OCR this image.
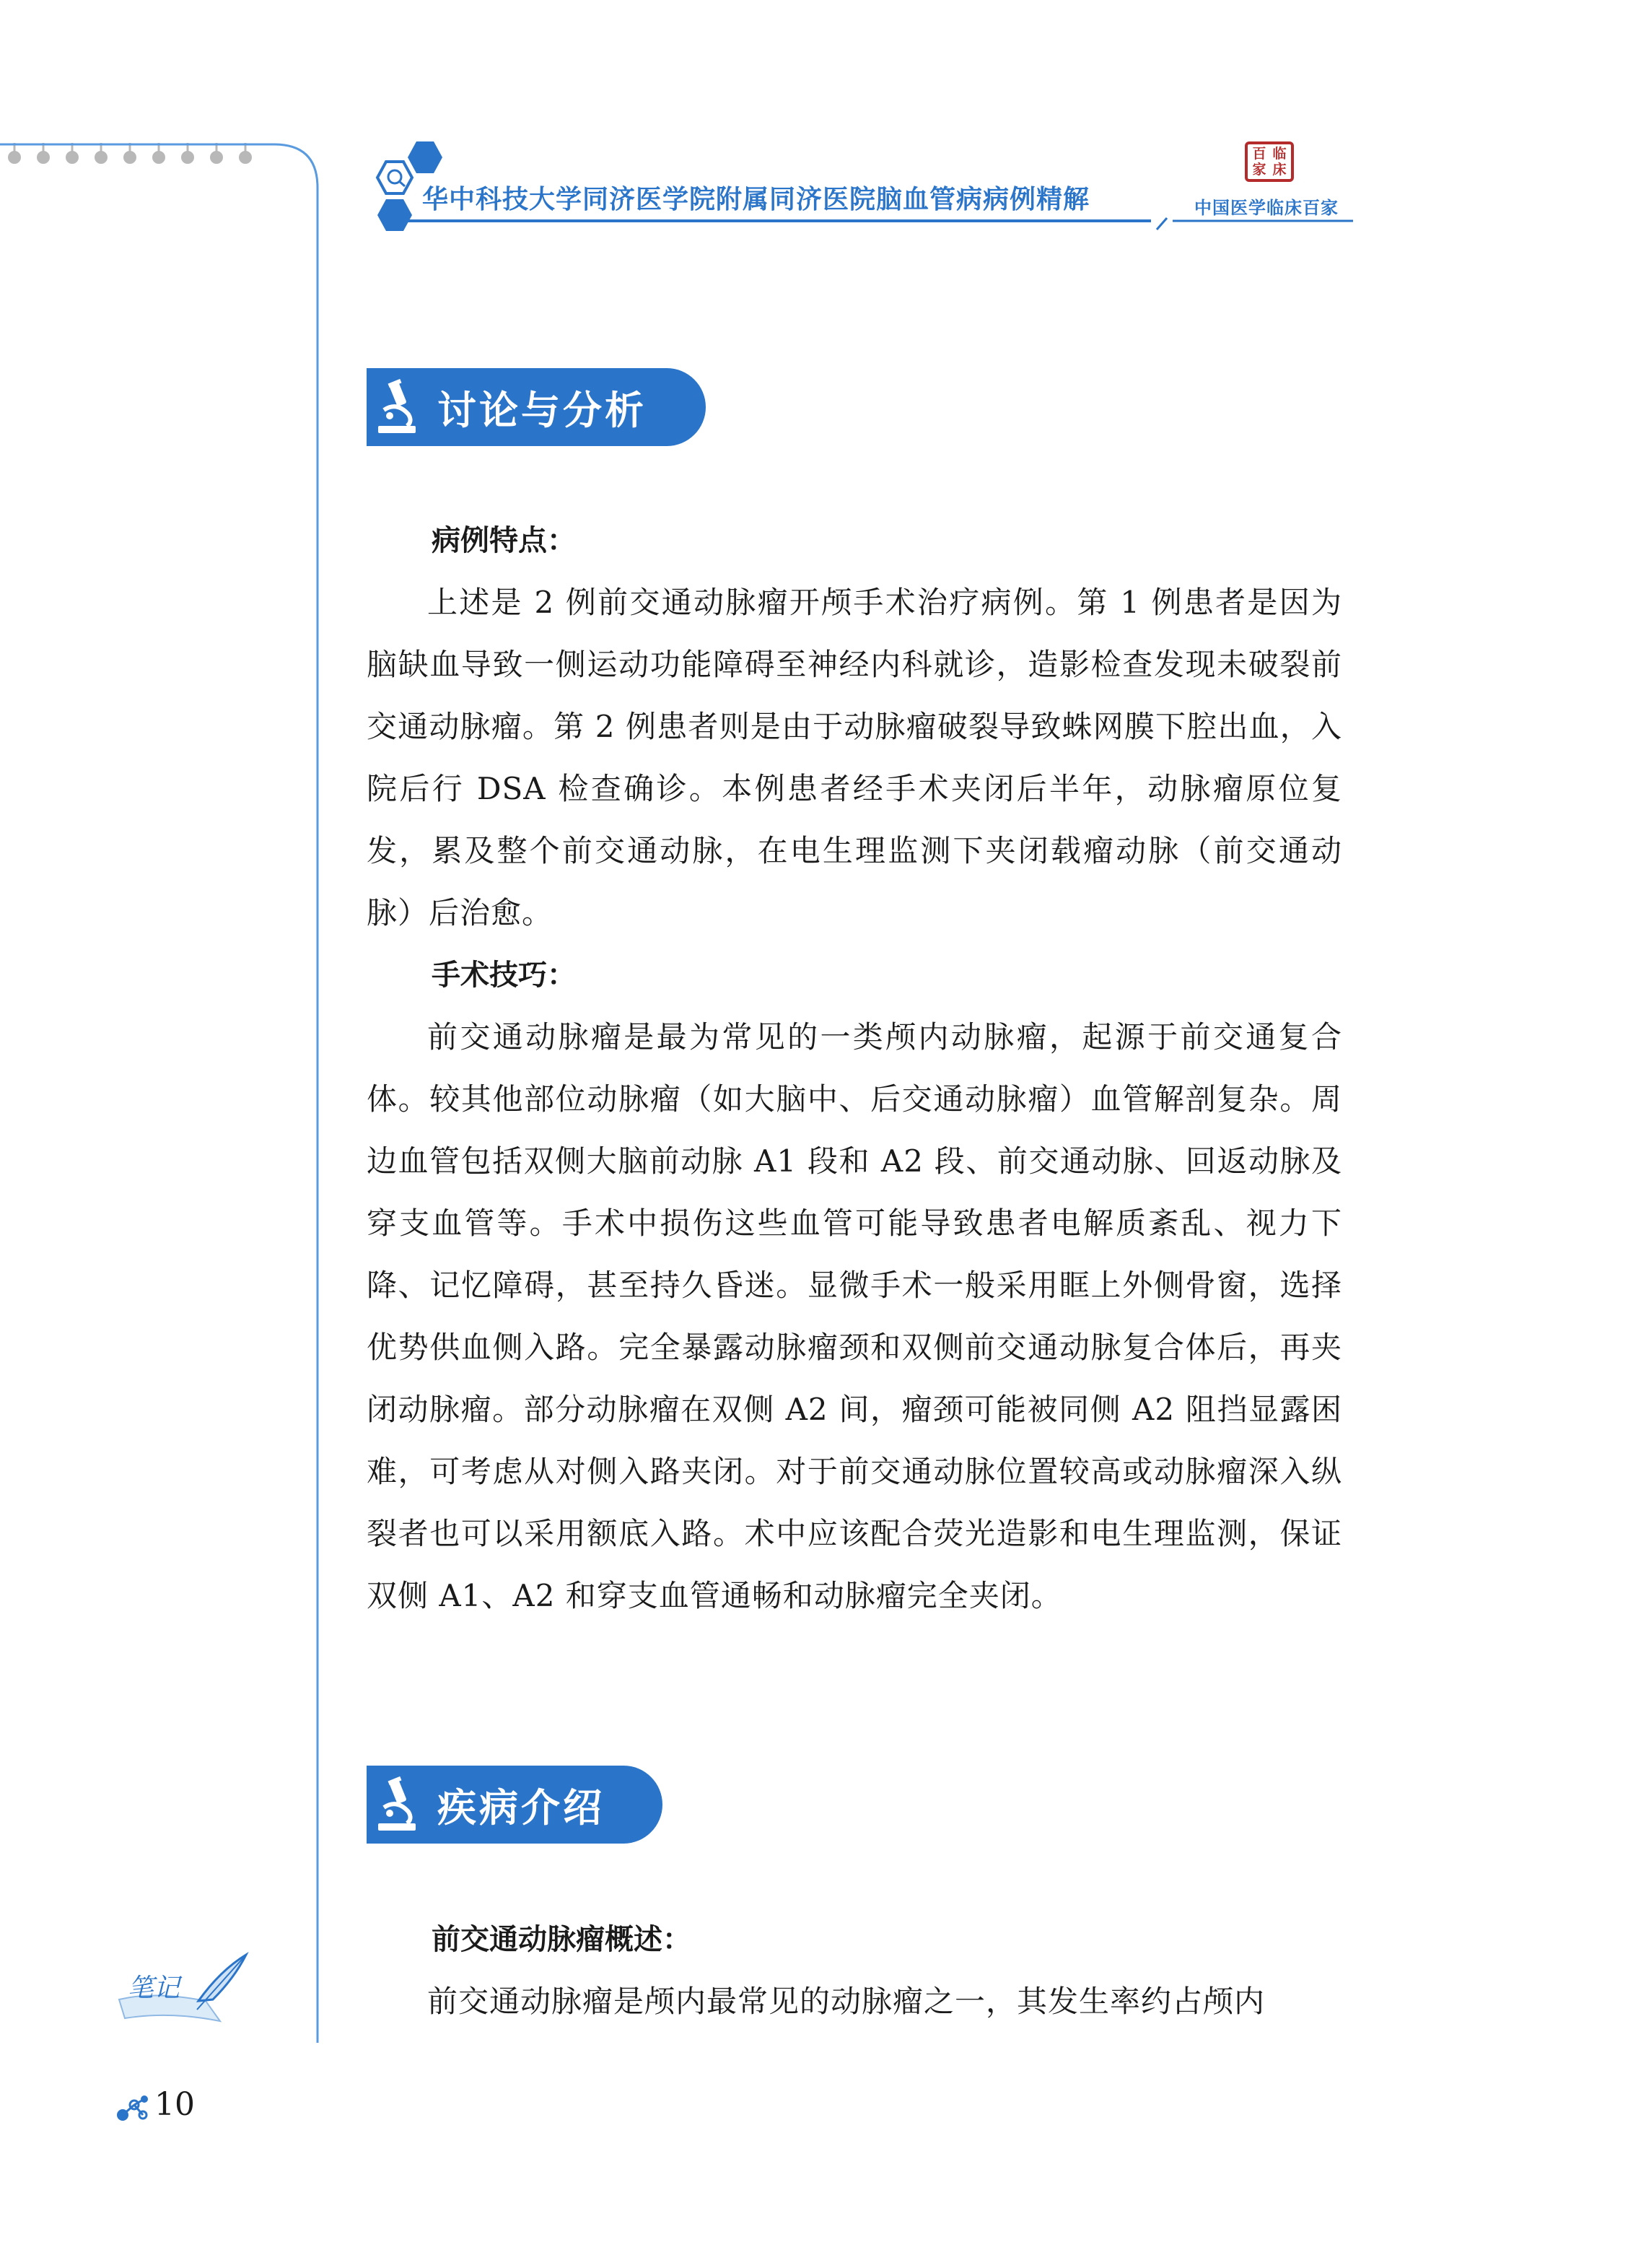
华中科技大学同济医学院附属同济医院脑血管病病例精解
百 临
家 床
中国医学临床百家
讨论与分析
病例特点：

上述是 2 例前交通动脉瘤开颅手术治疗病例。第 1 例患者是因为脑缺血导致一侧运动功能障碍至神经内科就诊，造影检查发现未破裂前交通动脉瘤。第 2 例患者则是由于动脉瘤破裂导致蛛网膜下腔出血，入院后行 DSA 检查确诊。本例患者经手术夹闭后半年，动脉瘤原位复发，累及整个前交通动脉，在电生理监测下夹闭载瘤动脉（前交通动脉）后治愈。

手术技巧：

前交通动脉瘤是最为常见的一类颅内动脉瘤，起源于前交通复合体。较其他部位动脉瘤（如大脑中、后交通动脉瘤）血管解剖复杂。周边血管包括双侧大脑前动脉 A1 段和 A2 段、前交通动脉、回返动脉及穿支血管等。手术中损伤这些血管可能导致患者电解质紊乱、视力下降、记忆障碍，甚至持久昏迷。显微手术一般采用眶上外侧骨窗，选择优势供血侧入路。完全暴露动脉瘤颈和双侧前交通动脉复合体后，再夹闭动脉瘤。部分动脉瘤在双侧 A2 间，瘤颈可能被同侧 A2 阻挡显露困难，可考虑从对侧入路夹闭。对于前交通动脉位置较高或动脉瘤深入纵裂者也可以采用额底入路。术中应该配合荧光造影和电生理监测，保证双侧 A1、A2 和穿支血管通畅和动脉瘤完全夹闭。

疾病介绍
前交通动脉瘤概述：

前交通动脉瘤是颅内最常见的动脉瘤之一，其发生率约占颅内

笔记
10
